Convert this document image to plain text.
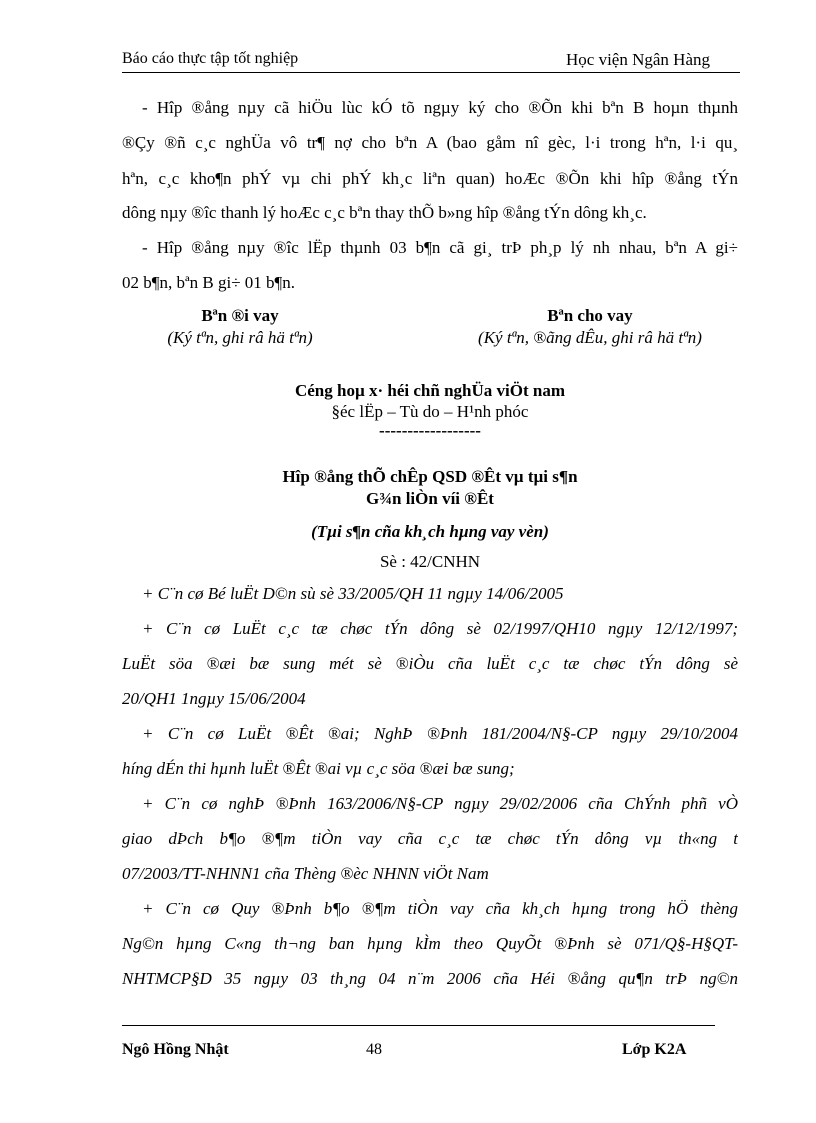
Báo cáo thực tập tốt nghiệp	Học viện Ngân Hàng
- Hîp ®ång nµy cã hiÖu lùc kÓ tõ ngµy ký cho ®Õn khi bªn B hoµn thµnh
®Çy ®ñ c¸c nghÜa vô tr¶ nợ cho bªn A (bao gåm nî gèc, l·i trong hªn, l·i qu¸
hªn, c¸c kho¶n phÝ vµ chi phÝ kh¸c liªn quan) hoÆc ®Õn khi hîp ®ång tÝn
dông nµy ®îc thanh lý hoÆc c¸c bªn thay thÕ b»ng hîp ®ång tÝn dông kh¸c.
- Hîp ®ång nµy ®îc lËp thµnh 03 b¶n cã gi¸ trÞ ph¸p lý nh nhau, bªn A gi÷
02 b¶n, bªn B gi÷ 01 b¶n.
Bªn ®i vay
(Ký tªn, ghi râ hä tªn)
Bªn cho vay
(Ký tªn, ®ãng dÊu, ghi râ hä tªn)
Céng hoµ x· héi chñ nghÜa viÖt nam
§éc lËp – Tù do – H¹nh phóc
------------------
Hîp ®ång thÕ chÊp QSD ®Êt vµ tµi s¶n
G¾n liÒn víi ®Êt
(Tµi s¶n cña kh¸ch hµng vay vèn)
Sè : 42/CNHN
+ C¨n cø Bé luËt D©n sù sè 33/2005/QH 11 ngµy 14/06/2005
+ C¨n cø LuËt c¸c tæ chøc tÝn dông sè 02/1997/QH10 ngµy 12/12/1997;
LuËt söa ®æi bæ sung mét sè ®iÒu cña luËt c¸c tæ chøc tÝn dông sè
20/QH1 1ngµy 15/06/2004
+ C¨n cø LuËt ®Êt ®ai; NghÞ ®Þnh 181/2004/N§-CP ngµy 29/10/2004
híng dÉn thi hµnh luËt ®Êt ®ai vµ c¸c söa ®æi bæ sung;
+ C¨n cø nghÞ ®Þnh 163/2006/N§-CP ngµy 29/02/2006 cña ChÝnh phñ vÒ
giao dÞch b¶o ®¶m tiÒn vay cña c¸c tæ chøc tÝn dông vµ th«ng t
07/2003/TT-NHNN1 cña Thèng ®èc NHNN viÖt Nam
+ C¨n cø Quy ®Þnh b¶o ®¶m tiÒn vay cña kh¸ch hµng trong hÖ thèng
Ng©n hµng C«ng th¬ng ban hµng kÌm theo QuyÕt ®Þnh sè 071/Q§-H§QT-
NHTMCP§D 35 ngµy 03 th¸ng 04 n¨m 2006 cña Héi ®ång qu¶n trÞ ng©n
Ngô Hồng Nhật	48	Lớp K2A
